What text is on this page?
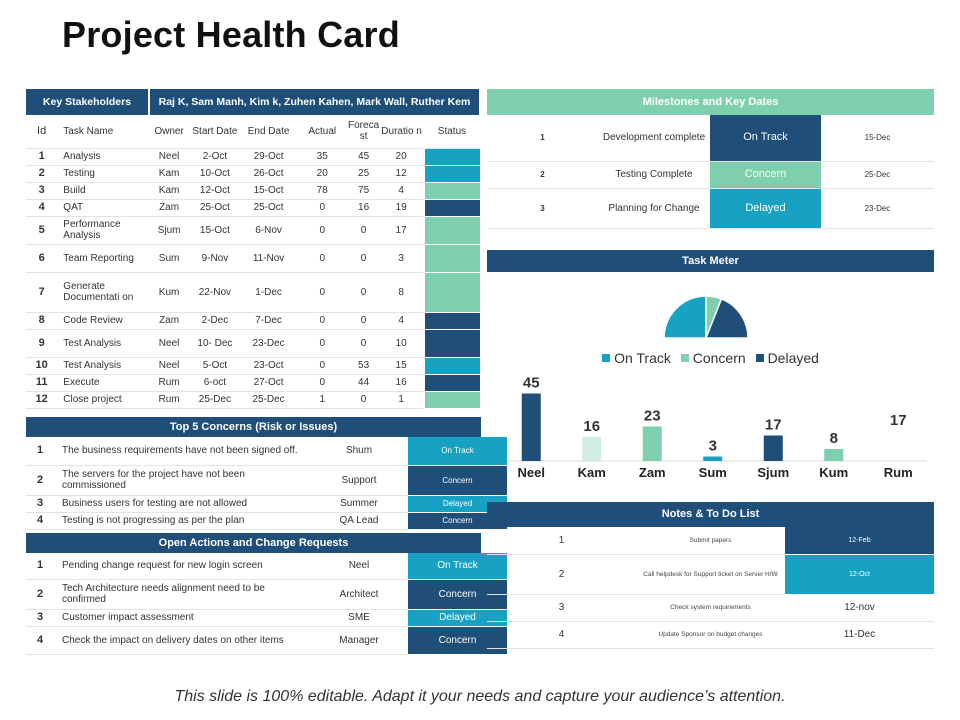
Project Health Card
Key Stakeholders		Raj K, Sam Manh, Kim k, Zuhen Kahen, Mark Wall, Ruther Kem						
Id	Task Name	Owner	Start Date	End Date	Actual	Foreca st	Duratio n	Status
1	Analysis	Neel	2-Oct	29-Oct	35	45	20	
2	Testing	Kam	10-Oct	26-Oct	20	25	12	
3	Build	Kam	12-Oct	15-Oct	78	75	4	
4	QAT	Zam	25-Oct	25-Oct	0	16	19	
5	Performance Analysis	Sjum	15-Oct	6-Nov	0	0	17	
6	Team Reporting	Sum	9-Nov	11-Nov	0	0	3	
7	Generate Documentati on	Kum	22-Nov	1-Dec	0	0	8	
8	Code Review	Zam	2-Dec	7-Dec	0	0	4	
9	Test Analysis	Neel	10- Dec	23-Dec	0	0	10	
10	Test Analysis	Neel	5-Oct	23-Oct	0	53	15	
11	Execute	Rum	6-oct	27-Oct	0	44	16	
12	Close project	Rum	25-Dec	25-Dec	1	0	1	
Top 5 Concerns (Risk or Issues)
1	The business requirements have not been signed off.	Shum	On Track
2	The servers for the project have not been commissioned	Support	Concern
3	Business users for testing are not allowed	Summer	Delayed
4	Testing is not progressing as per the plan	QA Lead	Concern
Open Actions and Change Requests
1	Pending change request for new login screen	Neel	On Track
2	Tech Architecture needs alignment need to be confirmed	Architect	Concern
3	Customer impact assessment	SME	Delayed
4	Check the impact on delivery dates on other items	Manager	Concern
Milestones and Key Dates
1	Development complete	On Track	15-Dec
2	Testing Complete	Concern	25-Dec
3	Planning for Change	Delayed	23-Dec
Task Meter
On Track Concern Delayed
45
Neel
16
Kam
23
Zam
3
Sum
17
Sjum
8
Kum
17
Rum
Notes & To Do List
1	Submit papers	12-Feb
2	Call helpdesk for Support ticket on Server H/W	12-Oct
3	Check system requirements	12-nov
4	Update Sponsor on budget changes	11-Dec
This slide is 100% editable. Adapt it your needs and capture your audience’s attention.
